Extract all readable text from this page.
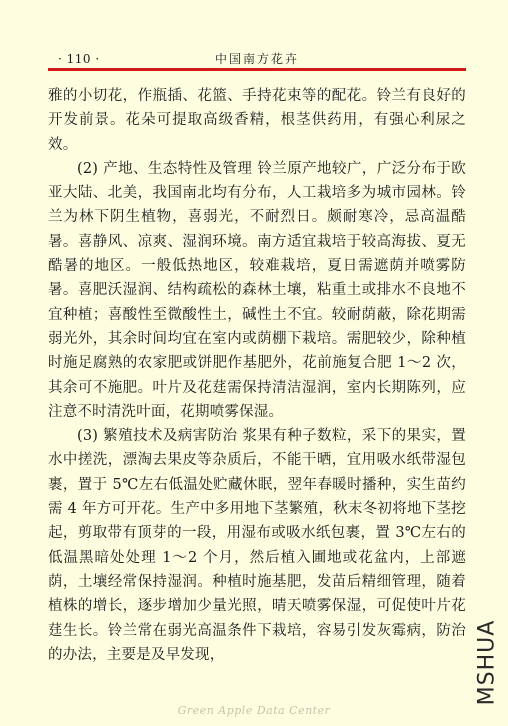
· 110 ·	中国南方花卉

雅的小切花，作瓶插、花篮、手持花束等的配花。铃兰有良好的开发前景。花朵可提取高级香精，根茎供药用，有强心利尿之效。

(2) 产地、生态特性及管理 铃兰原产地较广，广泛分布于欧亚大陆、北美，我国南北均有分布，人工栽培多为城市园林。铃兰为林下阴生植物，喜弱光，不耐烈日。颇耐寒冷，忌高温酷暑。喜静风、凉爽、湿润环境。南方适宜栽培于较高海拔、夏无酷暑的地区。一般低热地区，较难栽培，夏日需遮荫并喷雾防暑。喜肥沃湿润、结构疏松的森林土壤，粘重土或排水不良地不宜种植；喜酸性至微酸性土，碱性土不宜。较耐荫蔽，除花期需弱光外，其余时间均宜在室内或荫棚下栽培。需肥较少，除种植时施足腐熟的农家肥或饼肥作基肥外，花前施复合肥 1～2 次，其余可不施肥。叶片及花莛需保持清洁湿润，室内长期陈列，应注意不时清洗叶面，花期喷雾保湿。

(3) 繁殖技术及病害防治 浆果有种子数粒，采下的果实，置水中搓洗，漂淘去果皮等杂质后，不能干晒，宜用吸水纸带湿包裹，置于 5℃左右低温处贮藏休眠，翌年春暖时播种，实生苗约需 4 年方可开花。生产中多用地下茎繁殖，秋末冬初将地下茎挖起，剪取带有顶芽的一段，用湿布或吸水纸包裹，置 3℃左右的低温黑暗处处理 1～2 个月，然后植入圃地或花盆内，上部遮荫，土壤经常保持湿润。种植时施基肥，发苗后精细管理，随着植株的增长，逐步增加少量光照，晴天喷雾保湿，可促使叶片花莛生长。铃兰常在弱光高温条件下栽培，容易引发灰霉病，防治的办法，主要是及早发现，	MSHUA
Green Apple Data Center
